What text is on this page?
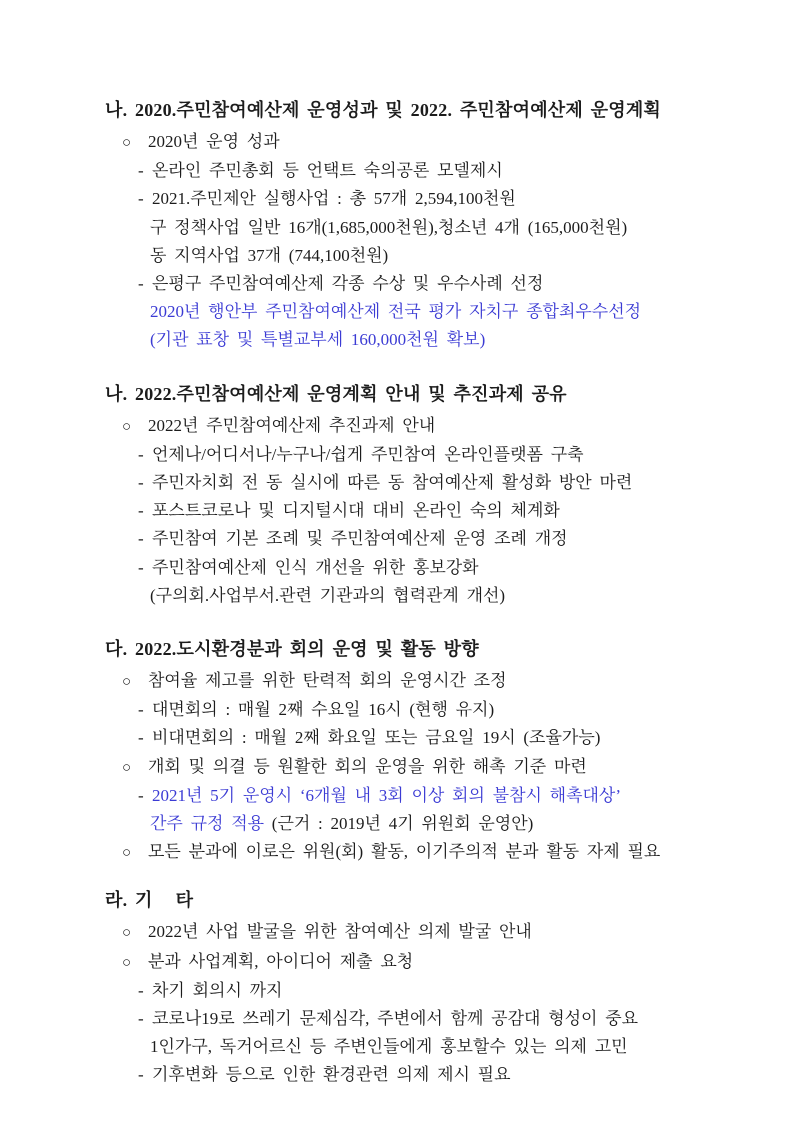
나. 2020.주민참여예산제 운영성과 및 2022. 주민참여예산제 운영계획
○ 2020년 운영 성과
- 온라인 주민총회 등 언택트 숙의공론 모델제시
- 2021.주민제안 실행사업 : 총 57개 2,594,100천원
구 정책사업 일반 16개(1,685,000천원),청소년 4개 (165,000천원)
동 지역사업 37개 (744,100천원)
- 은평구 주민참여예산제 각종 수상 및 우수사례 선정
2020년 행안부 주민참여예산제 전국 평가 자치구 종합최우수선정
(기관 표창 및 특별교부세 160,000천원 확보)
나. 2022.주민참여예산제 운영계획 안내 및 추진과제 공유
○ 2022년 주민참여예산제 추진과제 안내
- 언제나/어디서나/누구나/쉽게 주민참여 온라인플랫폼 구축
- 주민자치회 전 동 실시에 따른 동 참여예산제 활성화 방안 마련
- 포스트코로나 및 디지털시대 대비 온라인 숙의 체계화
- 주민참여 기본 조례 및 주민참여예산제 운영 조례 개정
- 주민참여예산제 인식 개선을 위한 홍보강화
(구의회.사업부서.관련 기관과의 협력관계 개선)
다. 2022.도시환경분과 회의 운영 및 활동 방향
○ 참여율 제고를 위한 탄력적 회의 운영시간 조정
- 대면회의 : 매월 2째 수요일 16시 (현행 유지)
- 비대면회의 : 매월 2째 화요일 또는 금요일 19시 (조율가능)
○ 개회 및 의결 등 원활한 회의 운영을 위한 해촉 기준 마련
- 2021년 5기 운영시 ‘6개월 내 3회 이상 회의 불참시 해촉대상’
간주 규정 적용 (근거 : 2019년 4기 위원회 운영안)
○ 모든 분과에 이로은 위원(회) 활동, 이기주의적 분과 활동 자제 필요
라. 기   타
○ 2022년 사업 발굴을 위한 참여예산 의제 발굴 안내
○ 분과 사업계획, 아이디어 제출 요청
- 차기 회의시 까지
- 코로나19로 쓰레기 문제심각, 주변에서 함께 공감대 형성이 중요
1인가구, 독거어르신 등 주변인들에게 홍보할수 있는 의제 고민
- 기후변화 등으로 인한 환경관련 의제 제시 필요
